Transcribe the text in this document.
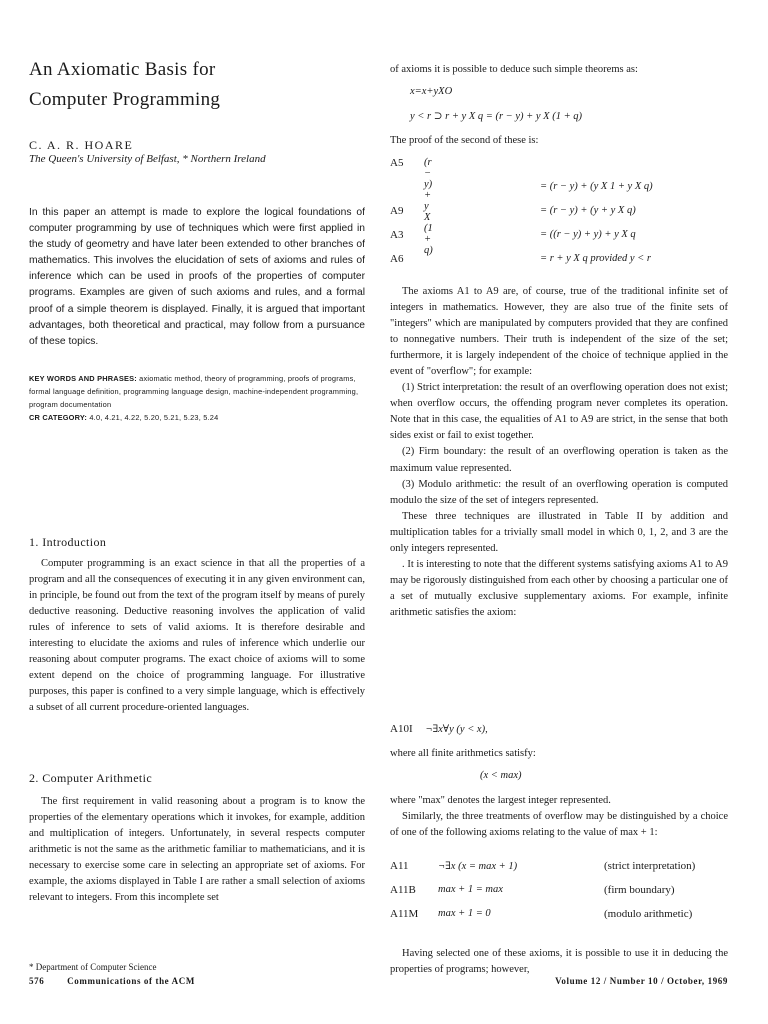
An Axiomatic Basis for
Computer Programming
C. A. R. HOARE
The Queen's University of Belfast, * Northern Ireland

In this paper an attempt is made to explore the logical foundations of computer programming by use of techniques which were first applied in the study of geometry and have later been extended to other branches of mathematics. This involves the elucidation of sets of axioms and rules of inference which can be used in proofs of the properties of computer programs. Examples are given of such axioms and rules, and a formal proof of a simple theorem is displayed. Finally, it is argued that important advantages, both theoretical and practical, may follow from a pursuance of these topics.

KEY WORDS AND PHRASES: axiomatic method, theory of programming, proofs of programs, formal language definition, programming language design, machine-independent programming, program documentation
CR CATEGORY: 4.0, 4.21, 4.22, 5.20, 5.21, 5.23, 5.24
1. Introduction

Computer programming is an exact science in that all the properties of a program and all the consequences of executing it in any given environment can, in principle, be found out from the text of the program itself by means of purely deductive reasoning. Deductive reasoning involves the application of valid rules of inference to sets of valid axioms. It is therefore desirable and interesting to elucidate the axioms and rules of inference which underlie our reasoning about computer programs. The exact choice of axioms will to some extent depend on the choice of programming language. For illustrative purposes, this paper is confined to a very simple language, which is effectively a subset of all current procedure-oriented languages.

2. Computer Arithmetic

The first requirement in valid reasoning about a program is to know the properties of the elementary operations which it invokes, for example, addition and multiplication of integers. Unfortunately, in several respects computer arithmetic is not the same as the arithmetic familiar to mathematicians, and it is necessary to exercise some care in selecting an appropriate set of axioms. For example, the axioms displayed in Table I are rather a small selection of axioms relevant to integers. From this incomplete set

* Department of Computer Science
576	Communications of the ACM

of axioms it is possible to deduce such simple theorems as:

x=x+yXO
y < r ⊃ r + y X q = (r − y) + y X (1 + q)

The proof of the second of these is:

A5 (r − y) + y X (1 + q)
= (r − y) + (y X 1 + y X q)
A9	= (r − y) + (y + y X q)
A3	= ((r − y) + y) + y X q
A6	= r + y X q provided y < r

The axioms A1 to A9 are, of course, true of the traditional infinite set of integers in mathematics. However, they are also true of the finite sets of "integers" which are manipulated by computers provided that they are confined to nonnegative numbers. Their truth is independent of the size of the set; furthermore, it is largely independent of the choice of technique applied in the event of "overflow"; for example:

(1) Strict interpretation: the result of an overflowing operation does not exist; when overflow occurs, the offending program never completes its operation. Note that in this case, the equalities of A1 to A9 are strict, in the sense that both sides exist or fail to exist together.

(2) Firm boundary: the result of an overflowing operation is taken as the maximum value represented.

(3) Modulo arithmetic: the result of an overflowing operation is computed modulo the size of the set of integers represented.

These three techniques are illustrated in Table II by addition and multiplication tables for a trivially small model in which 0, 1, 2, and 3 are the only integers represented.

. It is interesting to note that the different systems satisfying axioms A1 to A9 may be rigorously distinguished from each other by choosing a particular one of a set of mutually exclusive supplementary axioms. For example, infinite arithmetic satisfies the axiom:

A10I ¬∃x∀y (y < x),

where all finite arithmetics satisfy:

(x < max)

where "max" denotes the largest integer represented.

Similarly, the three treatments of overflow may be distinguished by a choice of one of the following axioms relating to the value of max + 1:

A11	¬∃x (x = max + 1)	(strict interpretation)
A11B max + 1 = max	(firm boundary)
A11M max + 1 = 0	(modulo arithmetic)

Having selected one of these axioms, it is possible to use it in deducing the properties of programs; however,

Volume 12 / Number 10 / October, 1969
